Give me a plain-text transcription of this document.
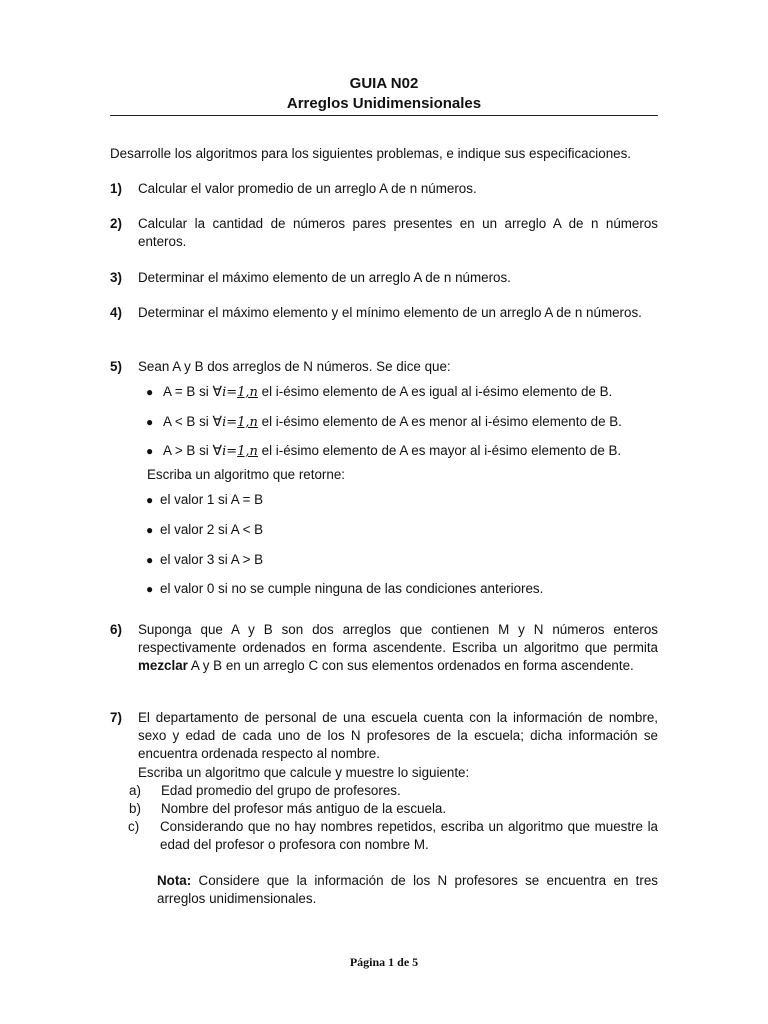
GUIA N02
Arreglos Unidimensionales
Desarrolle los algoritmos para los siguientes problemas, e indique sus especificaciones.
1) Calcular el valor promedio de un arreglo A de n números.
2) Calcular la cantidad de números pares presentes en un arreglo A de n números enteros.
3) Determinar el máximo elemento de un arreglo A de n números.
4) Determinar el máximo elemento y el mínimo elemento de un arreglo A de n números.
5) Sean A y B dos arreglos de N números. Se dice que:
● A = B si ∀i=1,n el i-ésimo elemento de A es igual al i-ésimo elemento de B.
● A < B si ∀i=1,n el i-ésimo elemento de A es menor al i-ésimo elemento de B.
● A > B si ∀i=1,n el i-ésimo elemento de A es mayor al i-ésimo elemento de B.
Escriba un algoritmo que retorne:
● el valor 1 si A = B
● el valor 2 si A < B
● el valor 3 si A > B
● el valor 0 si no se cumple ninguna de las condiciones anteriores.
6) Suponga que A y B son dos arreglos que contienen M y N números enteros respectivamente ordenados en forma ascendente. Escriba un algoritmo que permita mezclar A y B en un arreglo C con sus elementos ordenados en forma ascendente.
7) El departamento de personal de una escuela cuenta con la información de nombre, sexo y edad de cada uno de los N profesores de la escuela; dicha información se encuentra ordenada respecto al nombre.
Escriba un algoritmo que calcule y muestre lo siguiente:
a) Edad promedio del grupo de profesores.
b) Nombre del profesor más antiguo de la escuela.
c)	Considerando que no hay nombres repetidos, escriba un algoritmo que muestre la edad del profesor o profesora con nombre M.
Nota: Considere que la información de los N profesores se encuentra en tres arreglos unidimensionales.
Página 1 de 5
